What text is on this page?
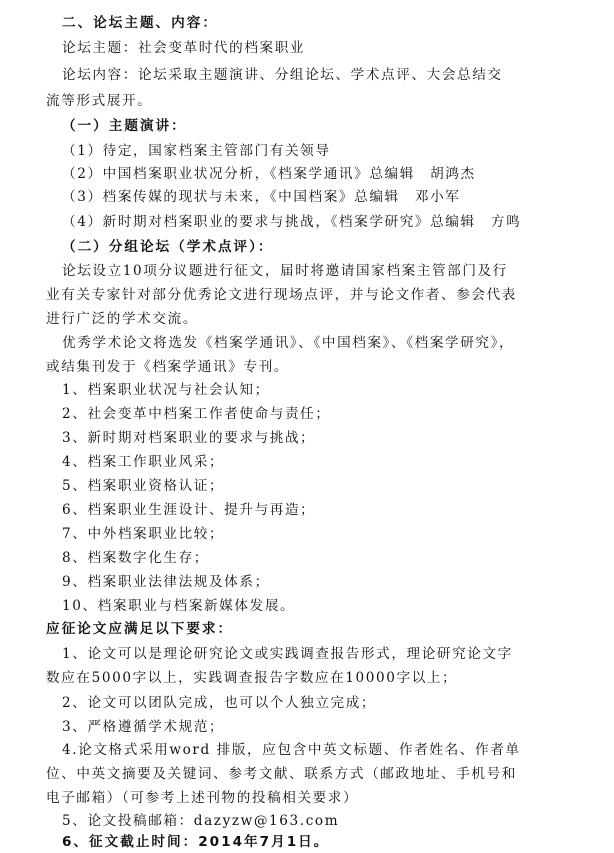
二、论坛主题、内容：
论坛主题：社会变革时代的档案职业
论坛内容：论坛采取主题演讲、分组论坛、学术点评、大会总结交
流等形式展开。
（一）主题演讲：
（1）待定，国家档案主管部门有关领导
（2）中国档案职业状况分析，《档案学通讯》总编辑　胡鸿杰
（3）档案传媒的现状与未来，《中国档案》总编辑　邓小军
（4）新时期对档案职业的要求与挑战，《档案学研究》总编辑　方鸣
（二）分组论坛（学术点评）：
论坛设立10项分议题进行征文，届时将邀请国家档案主管部门及行
业有关专家针对部分优秀论文进行现场点评，并与论文作者、参会代表
进行广泛的学术交流。
优秀学术论文将选发《档案学通讯》、《中国档案》、《档案学研究》，
或结集刊发于《档案学通讯》专刊。
1、档案职业状况与社会认知；
2、社会变革中档案工作者使命与责任；
3、新时期对档案职业的要求与挑战；
4、档案工作职业风采；
5、档案职业资格认证；
6、档案职业生涯设计、提升与再造；
7、中外档案职业比较；
8、档案数字化生存；
9、档案职业法律法规及体系；
10、档案职业与档案新媒体发展。
应征论文应满足以下要求：
1、论文可以是理论研究论文或实践调查报告形式，理论研究论文字
数应在5000字以上，实践调查报告字数应在10000字以上；
2、论文可以团队完成，也可以个人独立完成；
3、严格遵循学术规范；
4.论文格式采用word 排版，应包含中英文标题、作者姓名、作者单
位、中英文摘要及关键词、参考文献、联系方式（邮政地址、手机号和
电子邮箱）（可参考上述刊物的投稿相关要求）
5、论文投稿邮箱：dazyzw@163.com
6、征文截止时间：2014年7月1日。
